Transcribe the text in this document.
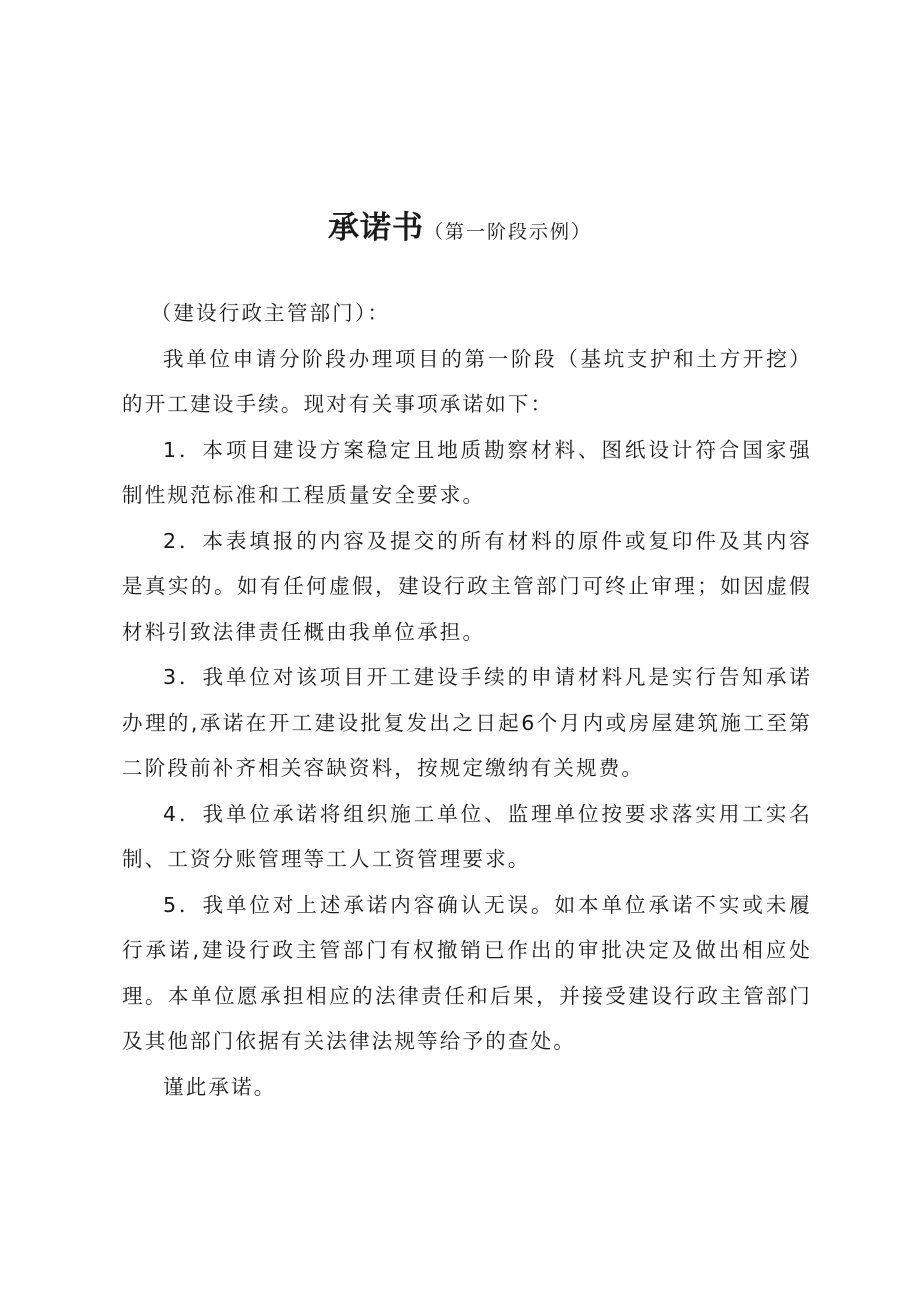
承诺书（第一阶段示例）

（建设行政主管部门）：

我单位申请分阶段办理项目的第一阶段（基坑支护和土方开挖）的开工建设手续。现对有关事项承诺如下：

1．本项目建设方案稳定且地质勘察材料、图纸设计符合国家强制性规范标准和工程质量安全要求。

2．本表填报的内容及提交的所有材料的原件或复印件及其内容是真实的。如有任何虚假，建设行政主管部门可终止审理；如因虚假材料引致法律责任概由我单位承担。

3．我单位对该项目开工建设手续的申请材料凡是实行告知承诺办理的,承诺在开工建设批复发出之日起6个月内或房屋建筑施工至第二阶段前补齐相关容缺资料，按规定缴纳有关规费。

4．我单位承诺将组织施工单位、监理单位按要求落实用工实名制、工资分账管理等工人工资管理要求。

5．我单位对上述承诺内容确认无误。如本单位承诺不实或未履行承诺,建设行政主管部门有权撤销已作出的审批决定及做出相应处理。本单位愿承担相应的法律责任和后果，并接受建设行政主管部门及其他部门依据有关法律法规等给予的查处。

谨此承诺。
